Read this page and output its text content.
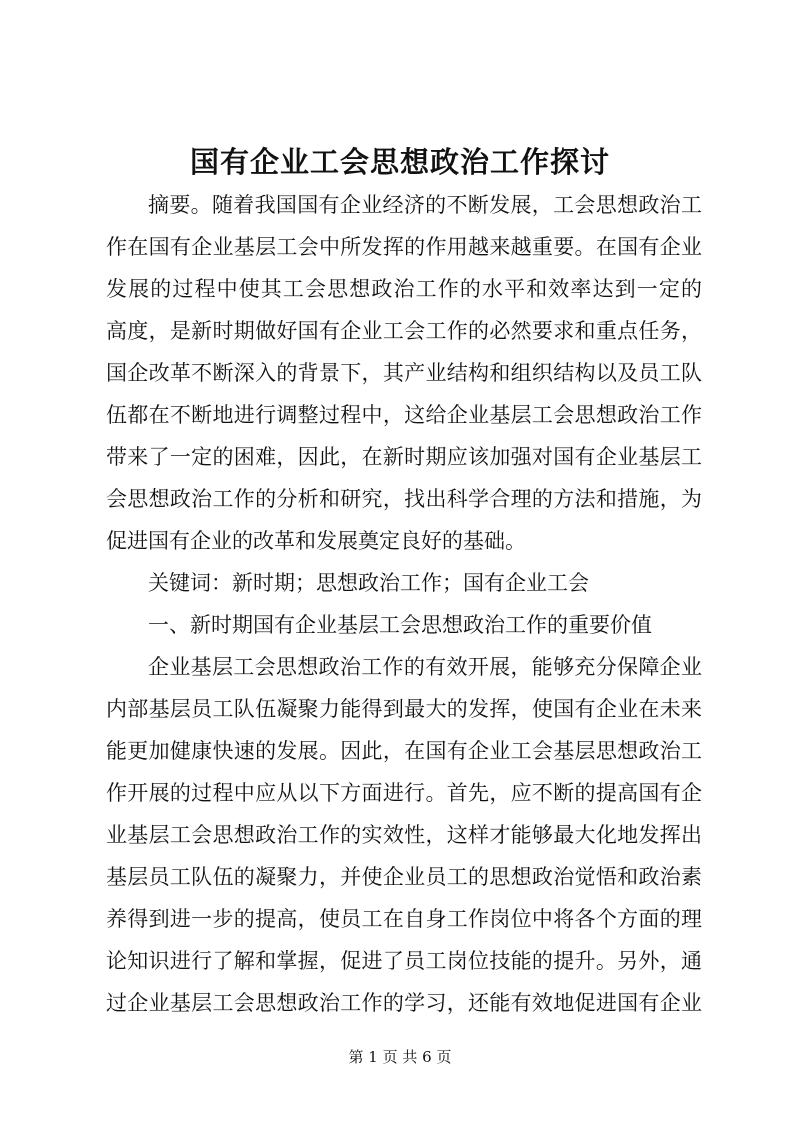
国有企业工会思想政治工作探讨
摘要。随着我国国有企业经济的不断发展，工会思想政治工
作在国有企业基层工会中所发挥的作用越来越重要。在国有企业
发展的过程中使其工会思想政治工作的水平和效率达到一定的
高度，是新时期做好国有企业工会工作的必然要求和重点任务，
国企改革不断深入的背景下，其产业结构和组织结构以及员工队
伍都在不断地进行调整过程中，这给企业基层工会思想政治工作
带来了一定的困难，因此，在新时期应该加强对国有企业基层工
会思想政治工作的分析和研究，找出科学合理的方法和措施，为
促进国有企业的改革和发展奠定良好的基础。
关键词：新时期；思想政治工作；国有企业工会
一、新时期国有企业基层工会思想政治工作的重要价值
企业基层工会思想政治工作的有效开展，能够充分保障企业
内部基层员工队伍凝聚力能得到最大的发挥，使国有企业在未来
能更加健康快速的发展。因此，在国有企业工会基层思想政治工
作开展的过程中应从以下方面进行。首先，应不断的提高国有企
业基层工会思想政治工作的实效性，这样才能够最大化地发挥出
基层员工队伍的凝聚力，并使企业员工的思想政治觉悟和政治素
养得到进一步的提高，使员工在自身工作岗位中将各个方面的理
论知识进行了解和掌握，促进了员工岗位技能的提升。另外，通
过企业基层工会思想政治工作的学习，还能有效地促进国有企业
第 1 页 共 6 页
